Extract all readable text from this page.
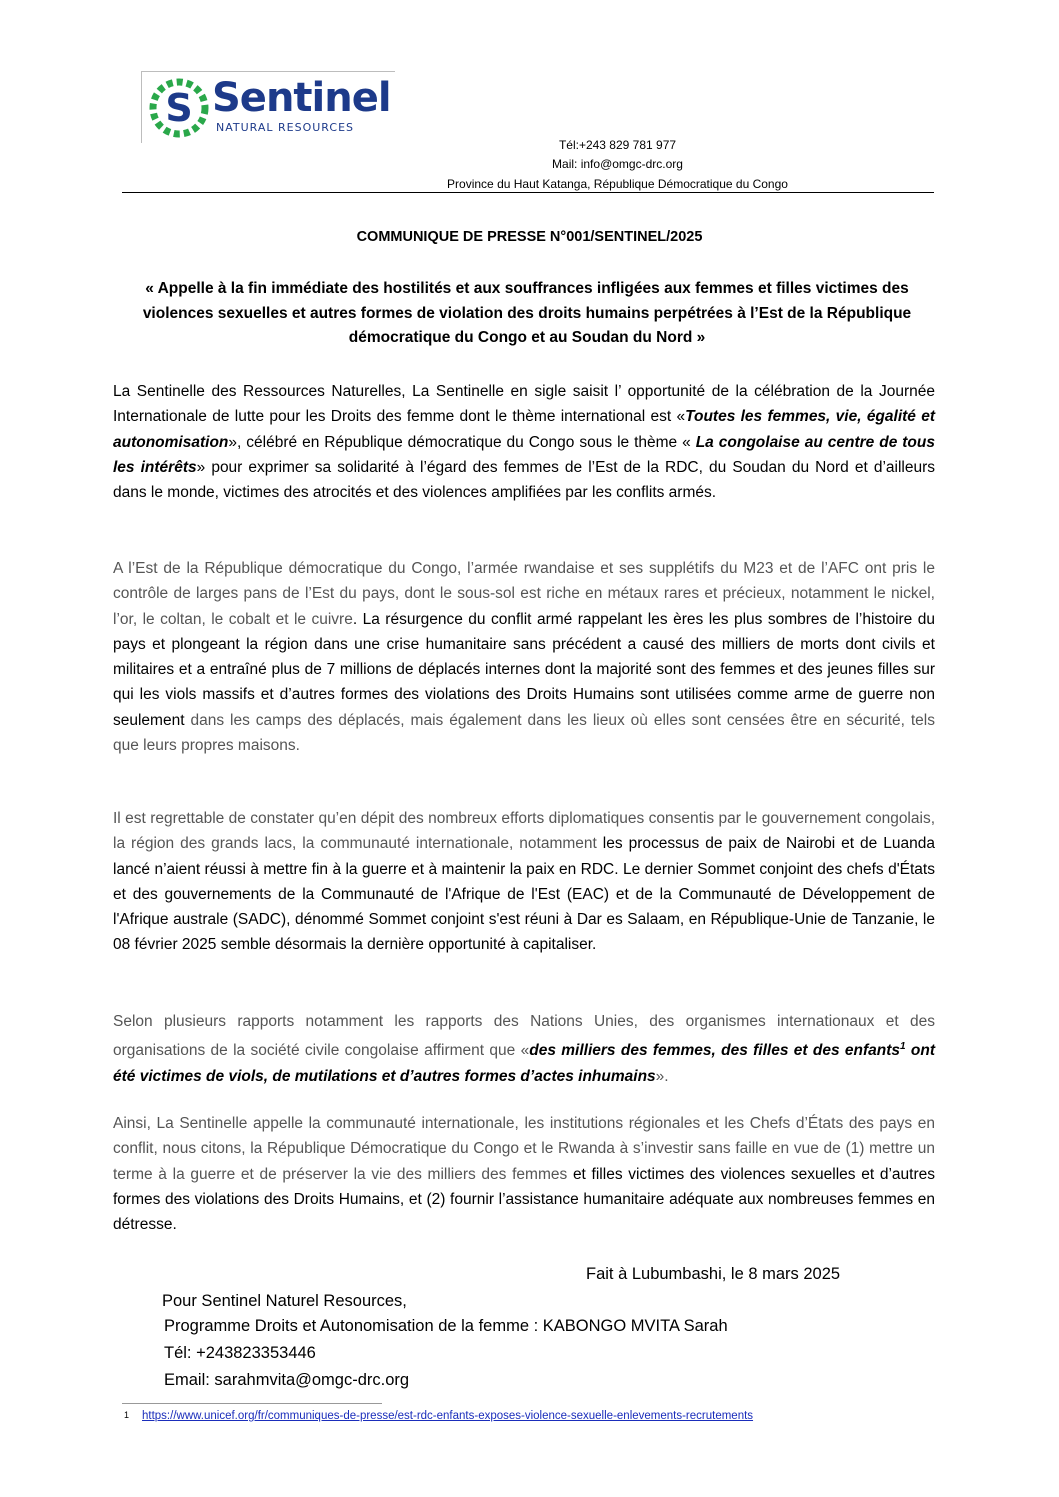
S Sentinel
NATURAL RESOURCES
Tél:+243 829 781 977
Mail: info@omgc-drc.org
Province du Haut Katanga, République Démocratique du Congo
COMMUNIQUE DE PRESSE N°001/SENTINEL/2025
« Appelle à la fin immédiate des hostilités et aux souffrances infligées aux femmes et filles victimes des violences sexuelles et autres formes de violation des droits humains perpétrées à l’Est de la République démocratique du Congo et au Soudan du Nord »
La Sentinelle des Ressources Naturelles, La Sentinelle en sigle saisit l’ opportunité de la célébration de la Journée Internationale de lutte pour les Droits des femme dont le thème international est «Toutes les femmes, vie, égalité et autonomisation», célébré en République démocratique du Congo sous le thème « La congolaise au centre de tous les intérêts» pour exprimer sa solidarité à l’égard des femmes de l’Est de la RDC, du Soudan du Nord et d’ailleurs dans le monde, victimes des atrocités et des violences amplifiées par les conflits armés.
A l’Est de la République démocratique du Congo, l’armée rwandaise et ses supplétifs du M23 et de l’AFC ont pris le contrôle de larges pans de l’Est du pays, dont le sous-sol est riche en métaux rares et précieux, notamment le nickel, l’or, le coltan, le cobalt et le cuivre. La résurgence du conflit armé rappelant les ères les plus sombres de l’histoire du pays et plongeant la région dans une crise humanitaire sans précédent a causé des milliers de morts dont civils et militaires et a entraîné plus de 7 millions de déplacés internes dont la majorité sont des femmes et des jeunes filles sur qui les viols massifs et d’autres formes des violations des Droits Humains sont utilisées comme arme de guerre non seulement dans les camps des déplacés, mais également dans les lieux où elles sont censées être en sécurité, tels que leurs propres maisons.
Il est regrettable de constater qu’en dépit des nombreux efforts diplomatiques consentis par le gouvernement congolais, la région des grands lacs, la communauté internationale, notamment les processus de paix de Nairobi et de Luanda lancé n’aient réussi à mettre fin à la guerre et à maintenir la paix en RDC. Le dernier Sommet conjoint des chefs d'États et des gouvernements de la Communauté de l'Afrique de l'Est (EAC) et de la Communauté de Développement de l'Afrique australe (SADC), dénommé Sommet conjoint s'est réuni à Dar es Salaam, en République-Unie de Tanzanie, le 08 février 2025 semble désormais la dernière opportunité à capitaliser.
Selon plusieurs rapports notamment les rapports des Nations Unies, des organismes internationaux et des organisations de la société civile congolaise affirment que «des milliers des femmes, des filles et des enfants$^1$ ont été victimes de viols, de mutilations et d’autres formes d’actes inhumains».
Ainsi, La Sentinelle appelle la communauté internationale, les institutions régionales et les Chefs d’États des pays en conflit, nous citons, la République Démocratique du Congo et le Rwanda à s’investir sans faille en vue de (1) mettre un terme à la guerre et de préserver la vie des milliers des femmes et filles victimes des violences sexuelles et d’autres formes des violations des Droits Humains, et (2) fournir l’assistance humanitaire adéquate aux nombreuses femmes en détresse.
Fait à Lubumbashi, le 8 mars 2025
Pour Sentinel Naturel Resources,
Programme Droits et Autonomisation de la femme : KABONGO MVITA Sarah
Tél: +243823353446
Email: sarahmvita@omgc-drc.org
1 https://www.unicef.org/fr/communiques-de-presse/est-rdc-enfants-exposes-violence-sexuelle-enlevements-recrutements
